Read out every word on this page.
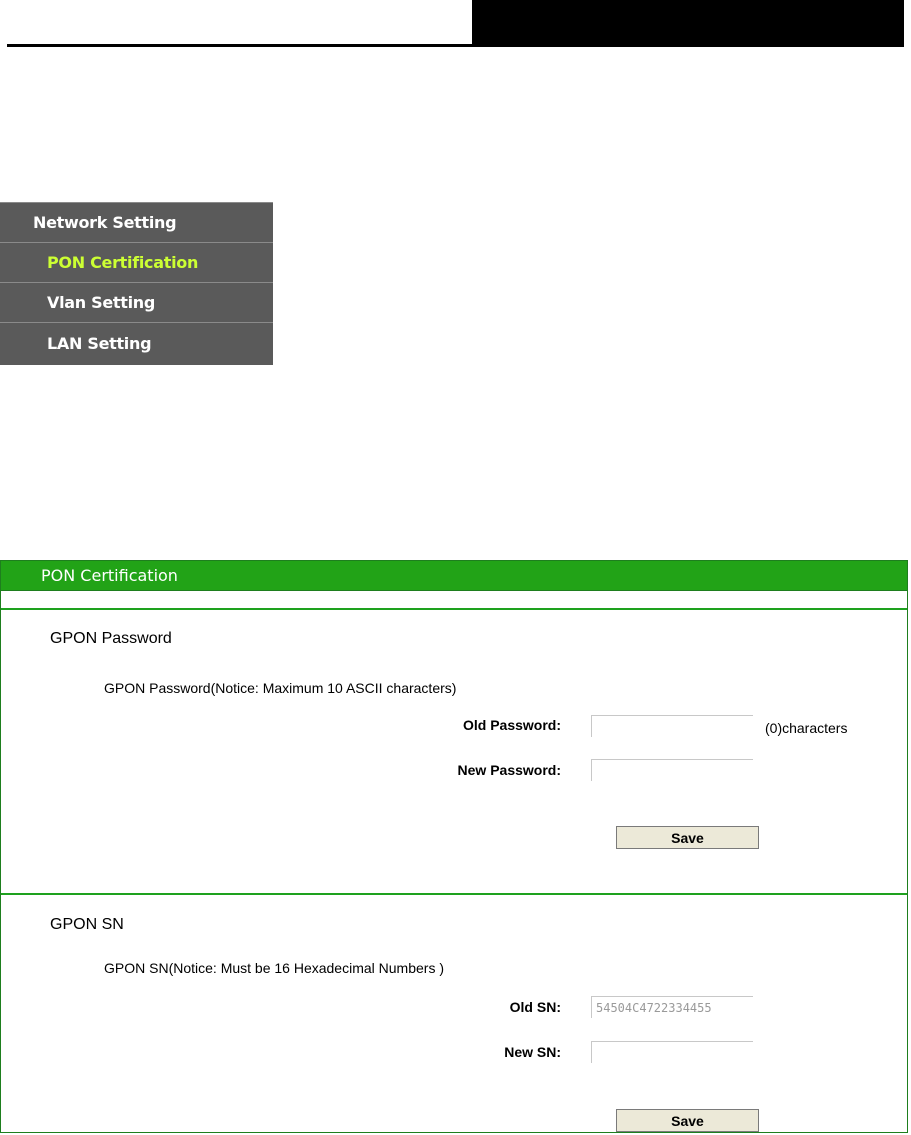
Network Setting
PON Certification
Vlan Setting
LAN Setting
PON Certification
GPON Password
GPON Password(Notice: Maximum 10 ASCII characters)
Old Password:	(0)characters
New Password:
Save
GPON SN
GPON SN(Notice: Must be 16 Hexadecimal Numbers )
Old SN:
54504C4722334455
New SN:
Save
